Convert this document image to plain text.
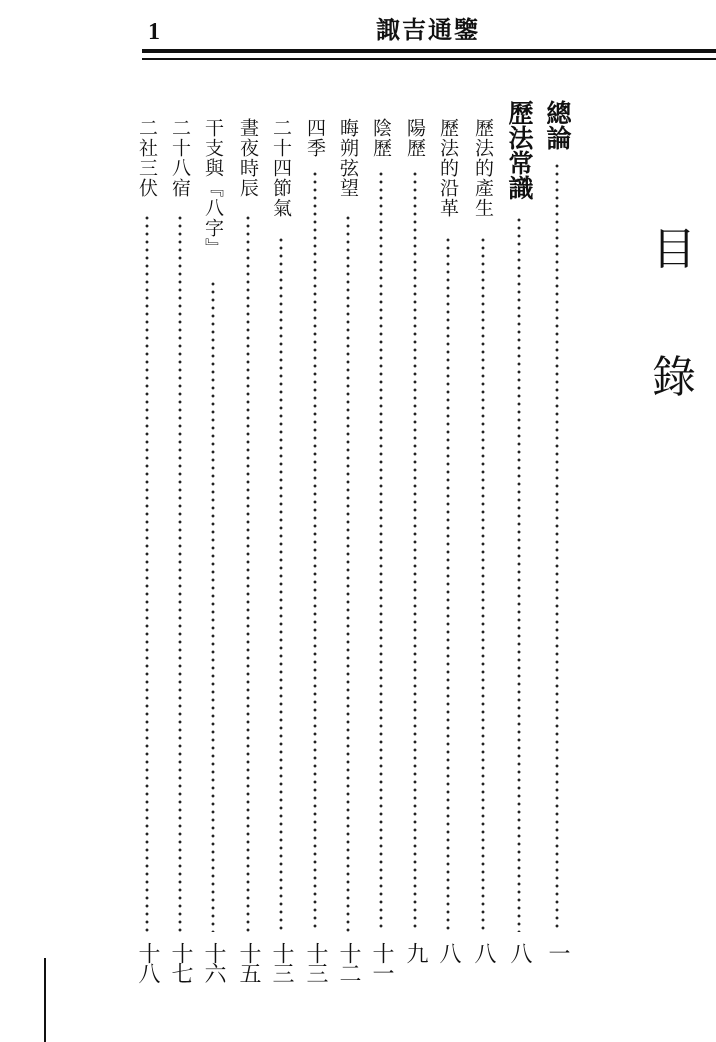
1	諏吉通鑒
目
錄
總論
一
歷法常識
八
歷法的產生
八
歷法的沿革
八
陽歷
九
陰歷
十一
晦朔弦望
十二
四季
十三
二十四節氣
十三
晝夜時辰
十五
干支與『八字』
十六
二十八宿
十七
二社三伏
十八
